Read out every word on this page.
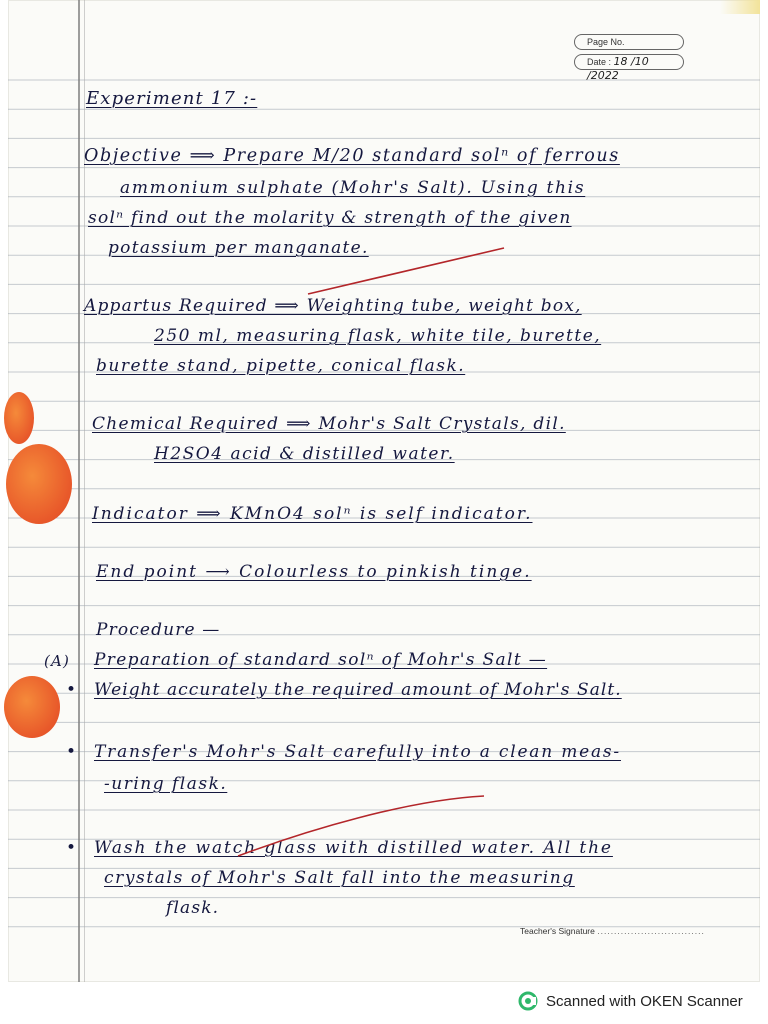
Page No.
Date : 18 /10 /2022
Experiment 17 :-
Objective ⟹ Prepare M/20 standard solⁿ of ferrous
ammonium sulphate (Mohr's Salt). Using this
solⁿ find out the molarity & strength of the given
potassium per manganate.
Appartus Required ⟹ Weighting tube, weight box,
250 ml, measuring flask, white tile, burette,
burette stand, pipette, conical flask.
Chemical Required ⟹ Mohr's Salt Crystals, dil.
H2SO4 acid & distilled water.
Indicator ⟹ KMnO4 solⁿ is self indicator.
End point ⟶ Colourless to pinkish tinge.
Procedure —
(A) Preparation of standard solⁿ of Mohr's Salt —
• Weight accurately the required amount of Mohr's Salt.
• Transfer's Mohr's Salt carefully into a clean meas-
-uring flask.
• Wash the watch glass with distilled water. All the
crystals of Mohr's Salt fall into the measuring
flask.
Teacher's Signature ................................
Scanned with OKEN Scanner
